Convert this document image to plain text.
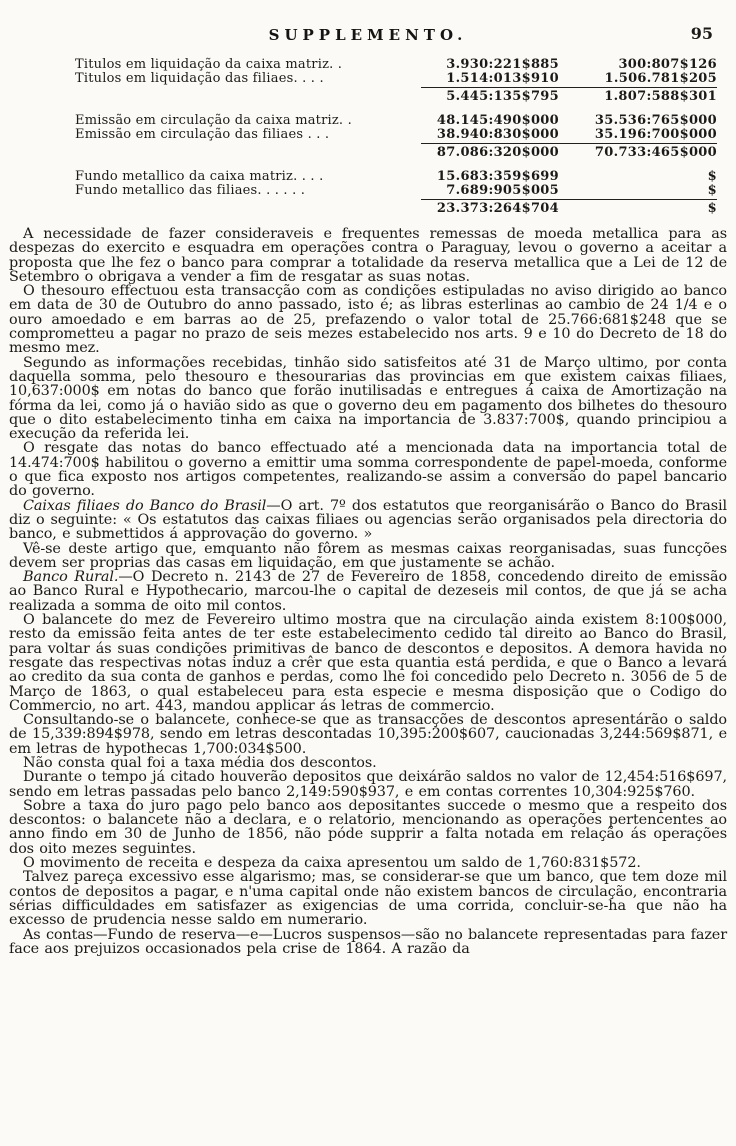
SUPPLEMENTO.	95
Titulos em liquidação da caixa matriz. .	3.930:221$885	300:807$126
Titulos em liquidação das filiaes. . . .	1.514:013$910	1.506.781$205
5.445:135$795	1.807:588$301
Emissão em circulação da caixa matriz. .	48.145:490$000	35.536:765$000
Emissão em circulação das filiaes . . .	38.940:830$000	35.196:700$000
87.086:320$000	70.733:465$000
Fundo metallico da caixa matriz. . . .	15.683:359$699	$
Fundo metallico das filiaes. . . . . .	7.689:905$005	$
23.373:264$704	$

A necessidade de fazer consideraveis e frequentes remessas de moeda metallica para as despezas do exercito e esquadra em operações contra o Paraguay, levou o governo a aceitar a proposta que lhe fez o banco para comprar a totalidade da reserva metallica que a Lei de 12 de Setembro o obrigava a vender a fim de resgatar as suas notas.

O thesouro effectuou esta transacção com as condições estipuladas no aviso dirigido ao banco em data de 30 de Outubro do anno passado, isto é; as libras esterlinas ao cambio de 24 1/4 e o ouro amoedado e em barras ao de 25, prefazendo o valor total de 25.766:681$248 que se comprometteu a pagar no prazo de seis mezes estabelecido nos arts. 9 e 10 do Decreto de 18 do mesmo mez.

Segundo as informações recebidas, tinhão sido satisfeitos até 31 de Março ultimo, por conta daquella somma, pelo thesouro e thesourarias das provincias em que existem caixas filiaes, 10,637:000$ em notas do banco que forão inutilisadas e entregues á caixa de Amortização na fórma da lei, como já o havião sido as que o governo deu em pagamento dos bilhetes do thesouro que o dito estabelecimento tinha em caixa na importancia de 3.837:700$, quando principiou a execução da referida lei.

O resgate das notas do banco effectuado até a mencionada data na importancia total de 14.474:700$ habilitou o governo a emittir uma somma correspondente de papel-moeda, conforme o que fica exposto nos artigos competentes, realizando-se assim a conversão do papel bancario do governo.

Caixas filiaes do Banco do Brasil—O art. 7º dos estatutos que reorganisárão o Banco do Brasil diz o seguinte: « Os estatutos das caixas filiaes ou agencias serão organisados pela directoria do banco, e submettidos á approvação do governo. »

Vê-se deste artigo que, emquanto não fôrem as mesmas caixas reorganisadas, suas funcções devem ser proprias das casas em liquidação, em que justamente se achão.

Banco Rural.—O Decreto n. 2143 de 27 de Fevereiro de 1858, concedendo direito de emissão ao Banco Rural e Hypothecario, marcou-lhe o capital de dezeseis mil contos, de que já se acha realizada a somma de oito mil contos.

O balancete do mez de Fevereiro ultimo mostra que na circulação ainda existem 8:100$000, resto da emissão feita antes de ter este estabelecimento cedido tal direito ao Banco do Brasil, para voltar ás suas condições primitivas de banco de descontos e depositos. A demora havida no resgate das respectivas notas induz a crêr que esta quantia está perdida, e que o Banco a levará ao credito da sua conta de ganhos e perdas, como lhe foi concedido pelo Decreto n. 3056 de 5 de Março de 1863, o qual estabeleceu para esta especie e mesma disposição que o Codigo do Commercio, no art. 443, mandou applicar ás letras de commercio.

Consultando-se o balancete, conhece-se que as transacções de descontos apresentárão o saldo de 15,339:894$978, sendo em letras descontadas 10,395:200$607, caucionadas 3,244:569$871, e em letras de hypothecas 1,700:034$500.

Não consta qual foi a taxa média dos descontos.

Durante o tempo já citado houverão depositos que deixárão saldos no valor de 12,454:516$697, sendo em letras passadas pelo banco 2,149:590$937, e em contas correntes 10,304:925$760.

Sobre a taxa do juro pago pelo banco aos depositantes succede o mesmo que a respeito dos descontos: o balancete não a declara, e o relatorio, mencionando as operações pertencentes ao anno findo em 30 de Junho de 1856, não póde supprir a falta notada em relação ás operações dos oito mezes seguintes.

O movimento de receita e despeza da caixa apresentou um saldo de 1,760:831$572.

Talvez pareça excessivo esse algarismo; mas, se considerar-se que um banco, que tem doze mil contos de depositos a pagar, e n'uma capital onde não existem bancos de circulação, encontraria sérias difficuldades em satisfazer as exigencias de uma corrida, concluir-se-ha que não ha excesso de prudencia nesse saldo em numerario.

As contas—Fundo de reserva—e—Lucros suspensos—são no balancete representadas para fazer face aos prejuizos occasionados pela crise de 1864. A razão da
